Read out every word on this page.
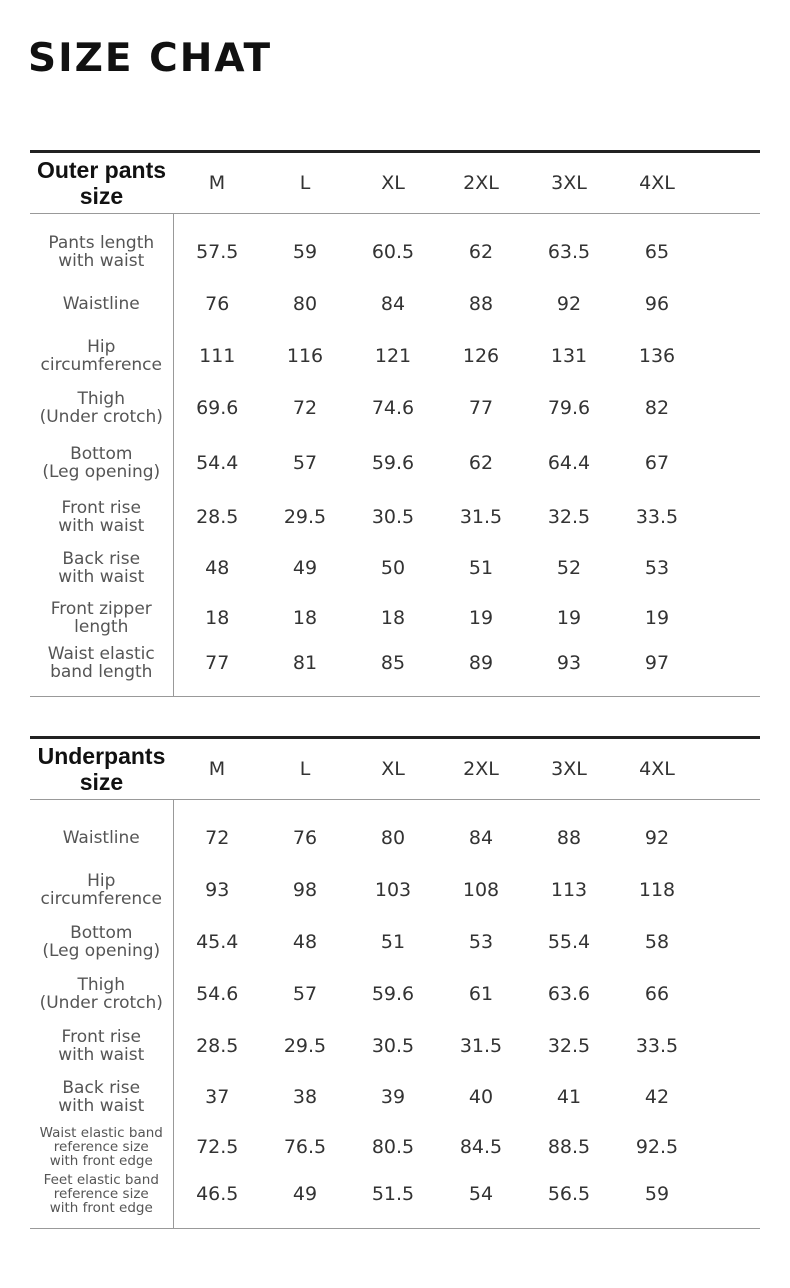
SIZE CHAT
Outer pants
size	M	L	XL	2XL	3XL	4XL	

Pants length
with waist	57.5	59	60.5	62	63.5	65	

Waistline	76	80	84	88	92	96	

Hip
circumference	111	116	121	126	131	136	

Thigh
(Under crotch)	69.6	72	74.6	77	79.6	82	

Bottom
(Leg opening)	54.4	57	59.6	62	64.4	67	

Front rise
with waist	28.5	29.5	30.5	31.5	32.5	33.5	

Back rise
with waist	48	49	50	51	52	53	

Front zipper
length	18	18	18	19	19	19	

Waist elastic
band length	77	81	85	89	93	97	

Underpants
size	M	L	XL	2XL	3XL	4XL	

Waistline	72	76	80	84	88	92	

Hip
circumference	93	98	103	108	113	118	

Bottom
(Leg opening)	45.4	48	51	53	55.4	58	

Thigh
(Under crotch)	54.6	57	59.6	61	63.6	66	

Front rise
with waist	28.5	29.5	30.5	31.5	32.5	33.5	

Back rise
with waist	37	38	39	40	41	42	

Waist elastic band
reference size
with front edge	72.5	76.5	80.5	84.5	88.5	92.5	

Feet elastic band
reference size
with front edge	46.5	49	51.5	54	56.5	59	
